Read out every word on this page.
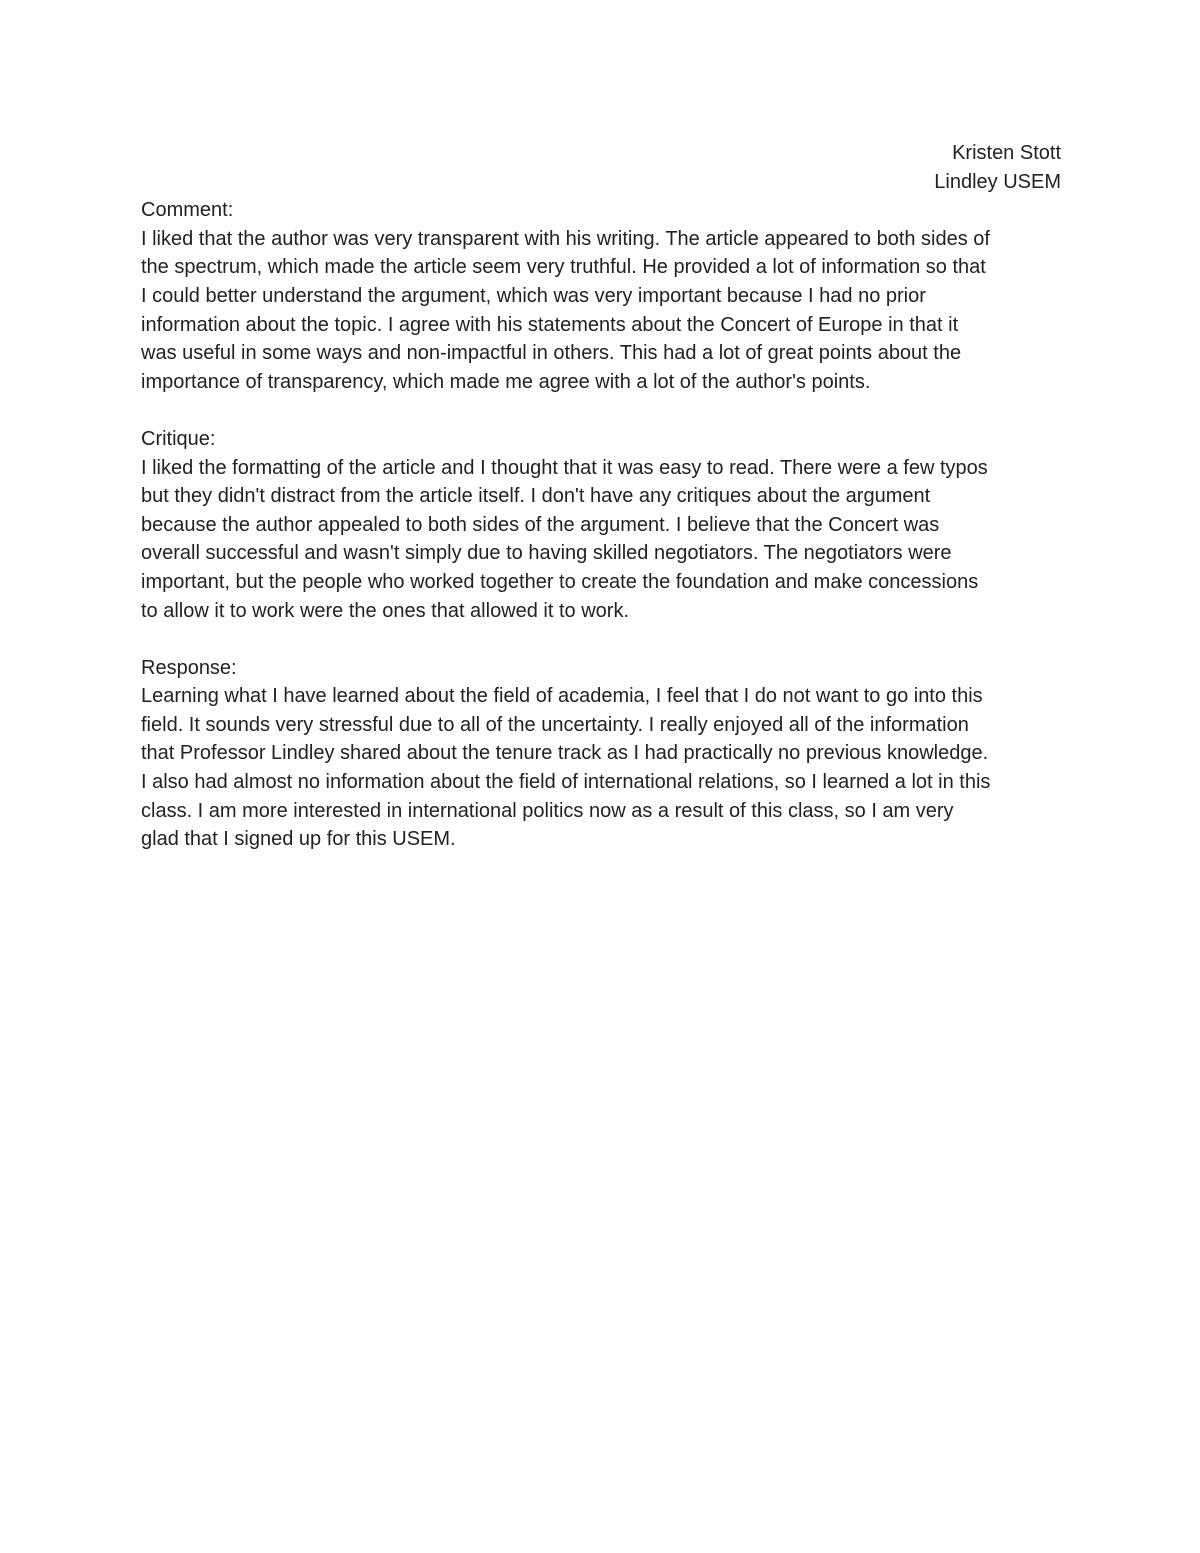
Kristen Stott
Lindley USEM
Comment:
I liked that the author was very transparent with his writing. The article appeared to both sides of
the spectrum, which made the article seem very truthful. He provided a lot of information so that
I could better understand the argument, which was very important because I had no prior
information about the topic. I agree with his statements about the Concert of Europe in that it
was useful in some ways and non-impactful in others. This had a lot of great points about the
importance of transparency, which made me agree with a lot of the author's points.
Critique:
I liked the formatting of the article and I thought that it was easy to read. There were a few typos
but they didn't distract from the article itself. I don't have any critiques about the argument
because the author appealed to both sides of the argument. I believe that the Concert was
overall successful and wasn't simply due to having skilled negotiators. The negotiators were
important, but the people who worked together to create the foundation and make concessions
to allow it to work were the ones that allowed it to work.
Response:
Learning what I have learned about the field of academia, I feel that I do not want to go into this
field. It sounds very stressful due to all of the uncertainty. I really enjoyed all of the information
that Professor Lindley shared about the tenure track as I had practically no previous knowledge.
I also had almost no information about the field of international relations, so I learned a lot in this
class. I am more interested in international politics now as a result of this class, so I am very
glad that I signed up for this USEM.
